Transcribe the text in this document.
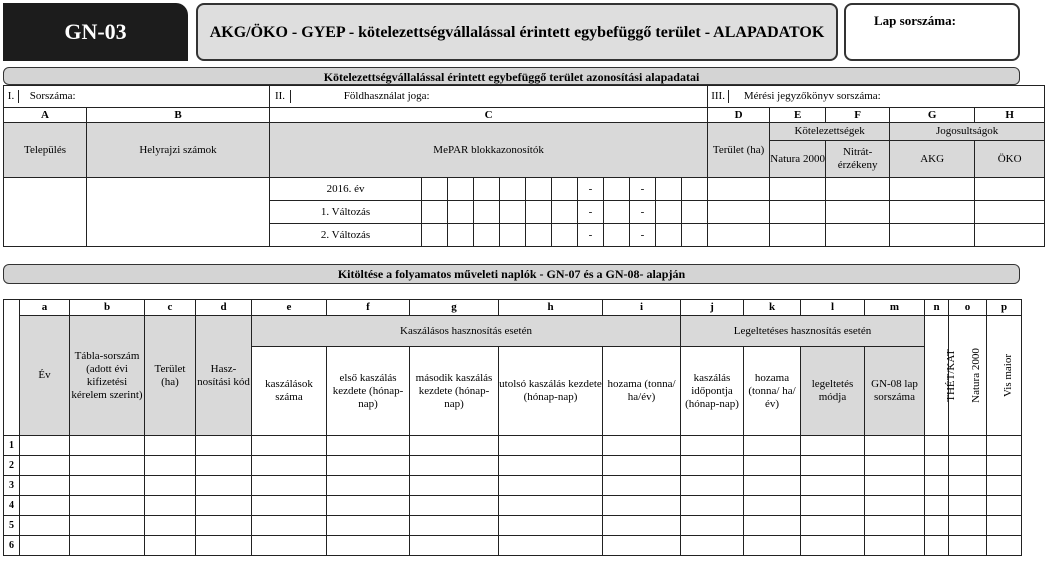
GN-03	AKG/ÖKO - GYEP - kötelezettségvállalással érintett egybefüggő terület - ALAPADATOK
Lap sorszáma:
Kötelezettségvállalással érintett egybefüggő terület azonosítási alapadatai
I. Sorszáma:		II. Földhasználat joga:												III. Mérési jegyzőkönyv sorszáma:				
A	B	C												D	E	F	G	H
Település	Helyrajzi számok	MePAR blokkazonosítók												Terület (ha)	Kötelezettségek		Jogosultságok	
															Natura 2000	Nitrát-érzékeny	AKG	ÖKO
		2016. év							-		-							
		1. Változás							-		-							
		2. Változás							-		-							
Kitöltése a folyamatos műveleti naplók - GN-07 és a GN-08- alapján
	a	b	c	d	e	f	g	h	i	j	k	l	m	n	o	p
	Év	Tábla-sorszám (adott évi kifizetési kérelem szerint)	Terület (ha)	Hasz-nosítási kód	Kaszálásos hasznosítás esetén					Legeltetéses hasznosítás esetén				THÉT/KAT	Natura 2000	Vis maior
					kaszálások száma	első kaszálás kezdete (hónap-nap)	második kaszálás kezdete (hónap-nap)	utolsó kaszálás kezdete (hónap-nap)	hozama (tonna/ ha/év)	kaszálás időpontja (hónap-nap)	hozama (tonna/ ha/év)	legeltetés módja	GN-08 lap sorszáma			
1																
2																
3																
4																
5																
6																
